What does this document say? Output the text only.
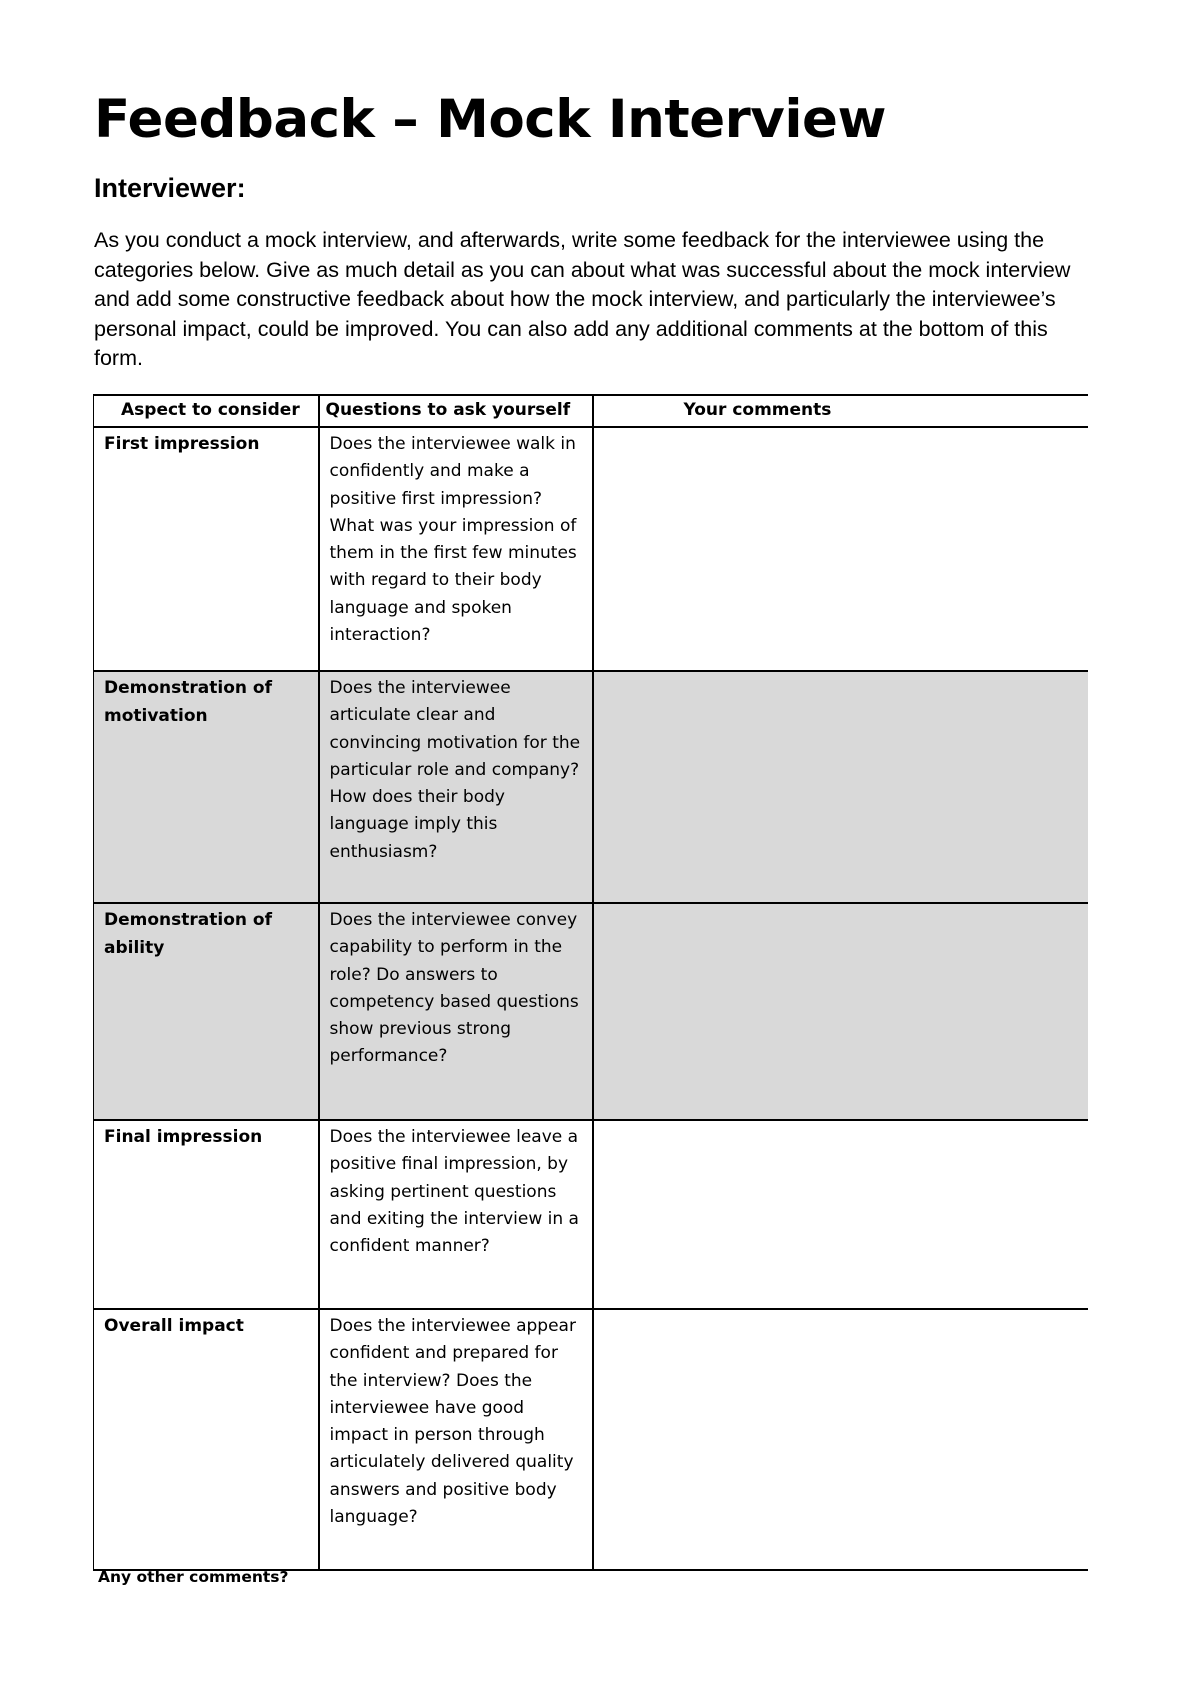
Feedback – Mock Interview
Interviewer:

As you conduct a mock interview, and afterwards, write some feedback for the interviewee using the categories below. Give as much detail as you can about what was successful about the mock interview and add some constructive feedback about how the mock interview, and particularly the interviewee’s personal impact, could be improved. You can also add any additional comments at the bottom of this form.

Aspect to consider	Questions to ask yourself	Your comments
First impression	Does the interviewee walk in confidently and make a positive first impression? What was your impression of them in the first few minutes with regard to their body language and spoken interaction?	
Demonstration of motivation	Does the interviewee articulate clear and convincing motivation for the particular role and company? How does their body language imply this enthusiasm?	
Demonstration of ability	Does the interviewee convey capability to perform in the role? Do answers to competency based questions show previous strong performance?	
Final impression	Does the interviewee leave a positive final impression, by asking pertinent questions and exiting the interview in a confident manner?	
Overall impact	Does the interviewee appear confident and prepared for the interview? Does the interviewee have good impact in person through articulately delivered quality answers and positive body language?	

Any other comments?
